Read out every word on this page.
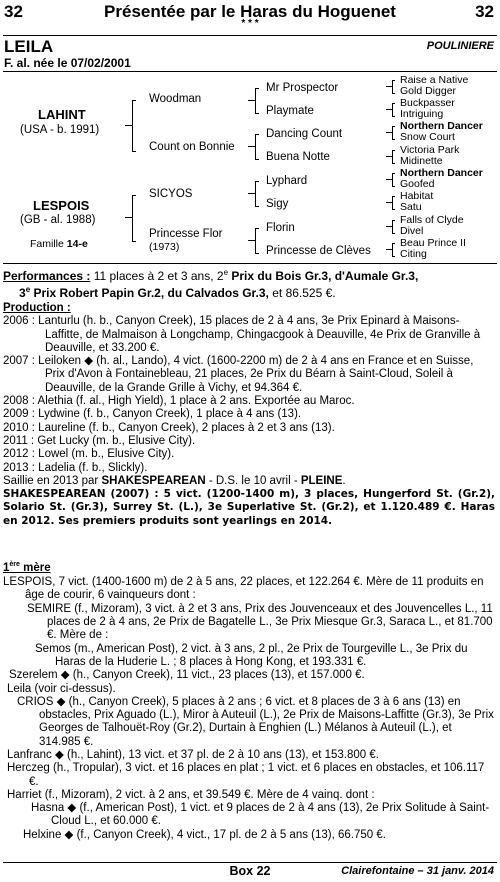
32	Présentée par le Haras du Hoguenet	32
* * *
LEILA	POULINIERE
F. al. née le 07/02/2001
LAHINT
(USA - b. 1991)
LESPOIS
(GB - al. 1988)
Famille 14-e
Woodman
Count on Bonnie
SICYOS
Princesse Flor
(1973)
Mr Prospector
Playmate
Dancing Count
Buena Notte
Lyphard
Sigy
Florin
Princesse de Clèves
Raise a Native
Gold Digger
Buckpasser
Intriguing
Northern Dancer
Snow Court
Victoria Park
Midinette
Northern Dancer
Goofed
Habitat
Satu
Falls of Clyde
Divel
Beau Prince II
Citing

Performances : 11 places à 2 et 3 ans, 2e Prix du Bois Gr.3, d'Aumale Gr.3,

3e Prix Robert Papin Gr.2, du Calvados Gr.3, et 86.525 €.

Production :

2006 : Lanturlu (h. b., Canyon Creek), 15 places de 2 à 4 ans, 3e Prix Epinard à Maisons-Laffitte, de Malmaison à Longchamp, Chingacgook à Deauville, 4e Prix de Granville à Deauville, et 33.200 €.

2007 : Leiloken ◆ (h. al., Lando), 4 vict. (1600-2200 m) de 2 à 4 ans en France et en Suisse, Prix d'Avon à Fontainebleau, 21 places, 2e Prix du Béarn à Saint-Cloud, Soleil à Deauville, de la Grande Grille à Vichy, et 94.364 €.

2008 : Alethia (f. al., High Yield), 1 place à 2 ans. Exportée au Maroc.

2009 : Lydwine (f. b., Canyon Creek), 1 place à 4 ans (13).

2010 : Laureline (f. b., Canyon Creek), 2 places à 2 et 3 ans (13).

2011 : Get Lucky (m. b., Elusive City).

2012 : Lowel (m. b., Elusive City).

2013 : Ladelia (f. b., Slickly).

Saillie en 2013 par SHAKESPEAREAN - D.S. le 10 avril - PLEINE.

SHAKESPEAREAN (2007) : 5 vict. (1200-1400 m), 3 places, Hungerford St. (Gr.2), Solario St. (Gr.3), Surrey St. (L.), 3e Superlative St. (Gr.2), et 1.120.489 €. Haras en 2012. Ses premiers produits sont yearlings en 2014.

1ère mère

LESPOIS, 7 vict. (1400-1600 m) de 2 à 5 ans, 22 places, et 122.264 €. Mère de 11 produits en âge de courir, 6 vainqueurs dont :

SEMIRE (f., Mizoram), 3 vict. à 2 et 3 ans, Prix des Jouvenceaux et des Jouvencelles L., 11 places de 2 à 4 ans, 2e Prix de Bagatelle L., 3e Prix Miesque Gr.3, Saraca L., et 81.700 €. Mère de :

Semos (m., American Post), 2 vict. à 3 ans, 2 pl., 2e Prix de Tourgeville L., 3e Prix du Haras de la Huderie L. ; 8 places à Hong Kong, et 193.331 €.

Szerelem ◆ (h., Canyon Creek), 11 vict., 23 places (13), et 157.000 €.

Leila (voir ci-dessus).

CRIOS ◆ (h., Canyon Creek), 5 places à 2 ans ; 6 vict. et 8 places de 3 à 6 ans (13) en obstacles, Prix Aguado (L.), Miror à Auteuil (L.), 2e Prix de Maisons-Laffitte (Gr.3), 3e Prix Georges de Talhouët-Roy (Gr.2), Durtain à Enghien (L.) Mélanos à Auteuil (L.), et 314.985 €.

Lanfranc ◆ (h., Lahint), 13 vict. et 37 pl. de 2 à 10 ans (13), et 153.800 €.

Herczeg (h., Tropular), 3 vict. et 16 places en plat ; 1 vict. et 6 places en obstacles, et 106.117 €.

Harriet (f., Mizoram), 2 vict. à 2 ans, et 39.549 €. Mère de 4 vainq. dont :

Hasna ◆ (f., American Post), 1 vict. et 9 places de 2 à 4 ans (13), 2e Prix Solitude à Saint-Cloud L., et 60.000 €.

Helxine ◆ (f., Canyon Creek), 4 vict., 17 pl. de 2 à 5 ans (13), 66.750 €.

Box 22	Clairefontaine – 31 janv. 2014
